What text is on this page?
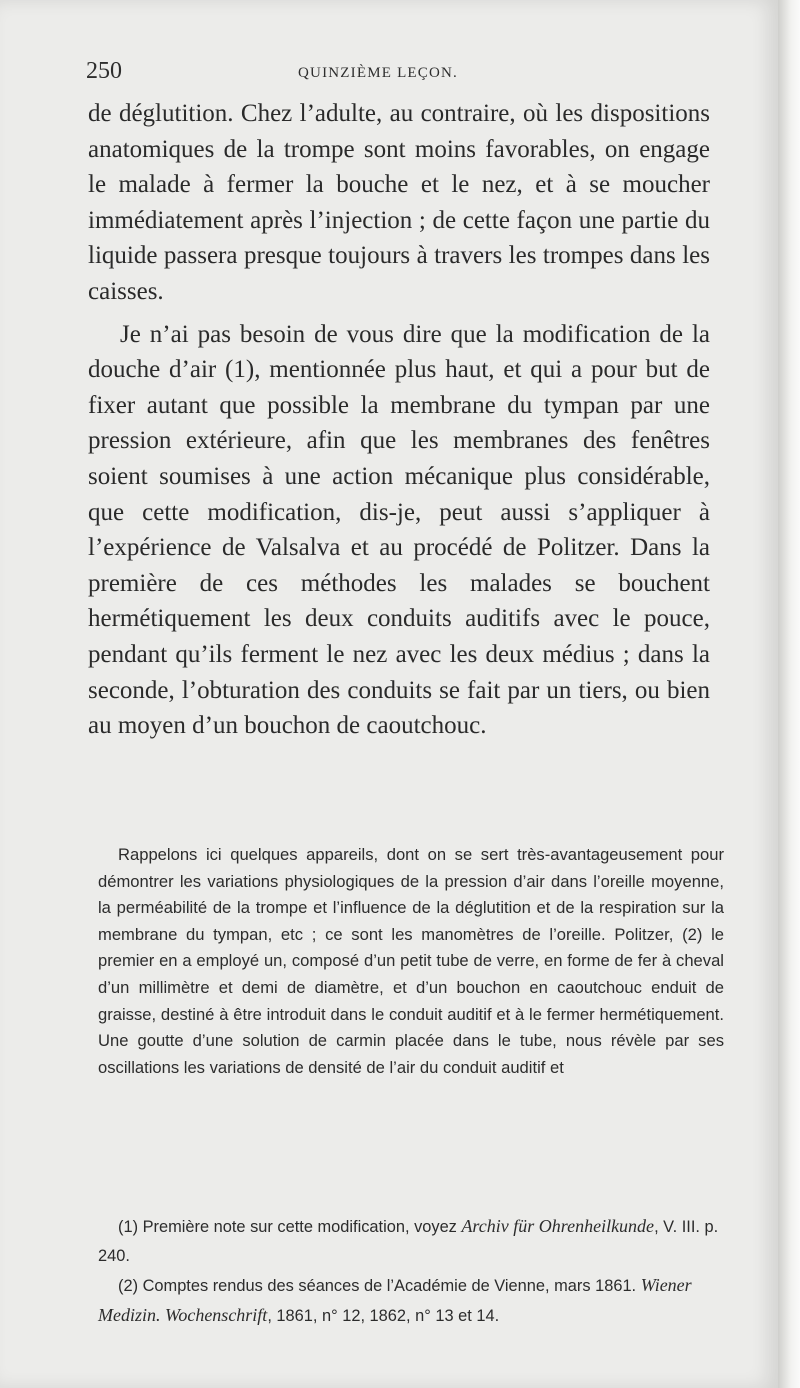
250	QUINZIÈME LEÇON.

de déglutition. Chez l’adulte, au contraire, où les dispositions anatomiques de la trompe sont moins favorables, on engage le malade à fermer la bouche et le nez, et à se moucher immédiatement après l’injection ; de cette façon une partie du liquide passera presque toujours à travers les trompes dans les caisses.

Je n’ai pas besoin de vous dire que la modification de la douche d’air (1), mentionnée plus haut, et qui a pour but de fixer autant que possible la membrane du tympan par une pression extérieure, afin que les membranes des fenêtres soient soumises à une action mécanique plus considérable, que cette modification, dis-je, peut aussi s’appliquer à l’expérience de Valsalva et au procédé de Politzer. Dans la première de ces méthodes les malades se bouchent hermétiquement les deux conduits auditifs avec le pouce, pendant qu’ils ferment le nez avec les deux médius ; dans la seconde, l’obturation des conduits se fait par un tiers, ou bien au moyen d’un bouchon de caoutchouc.

Rappelons ici quelques appareils, dont on se sert très-avantageusement pour démontrer les variations physiologiques de la pression d’air dans l’oreille moyenne, la perméabilité de la trompe et l’influence de la déglutition et de la respiration sur la membrane du tympan, etc ; ce sont les manomètres de l’oreille. Politzer, (2) le premier en a employé un, composé d’un petit tube de verre, en forme de fer à cheval d’un millimètre et demi de diamètre, et d’un bouchon en caoutchouc enduit de graisse, destiné à être introduit dans le conduit auditif et à le fermer hermétiquement. Une goutte d’une solution de carmin placée dans le tube, nous révèle par ses oscillations les variations de densité de l’air du conduit auditif et

(1) Première note sur cette modification, voyez Archiv für Ohrenheilkunde, V. III. p. 240.

(2) Comptes rendus des séances de l’Académie de Vienne, mars 1861. Wiener Medizin. Wochenschrift, 1861, n° 12, 1862, n° 13 et 14.
